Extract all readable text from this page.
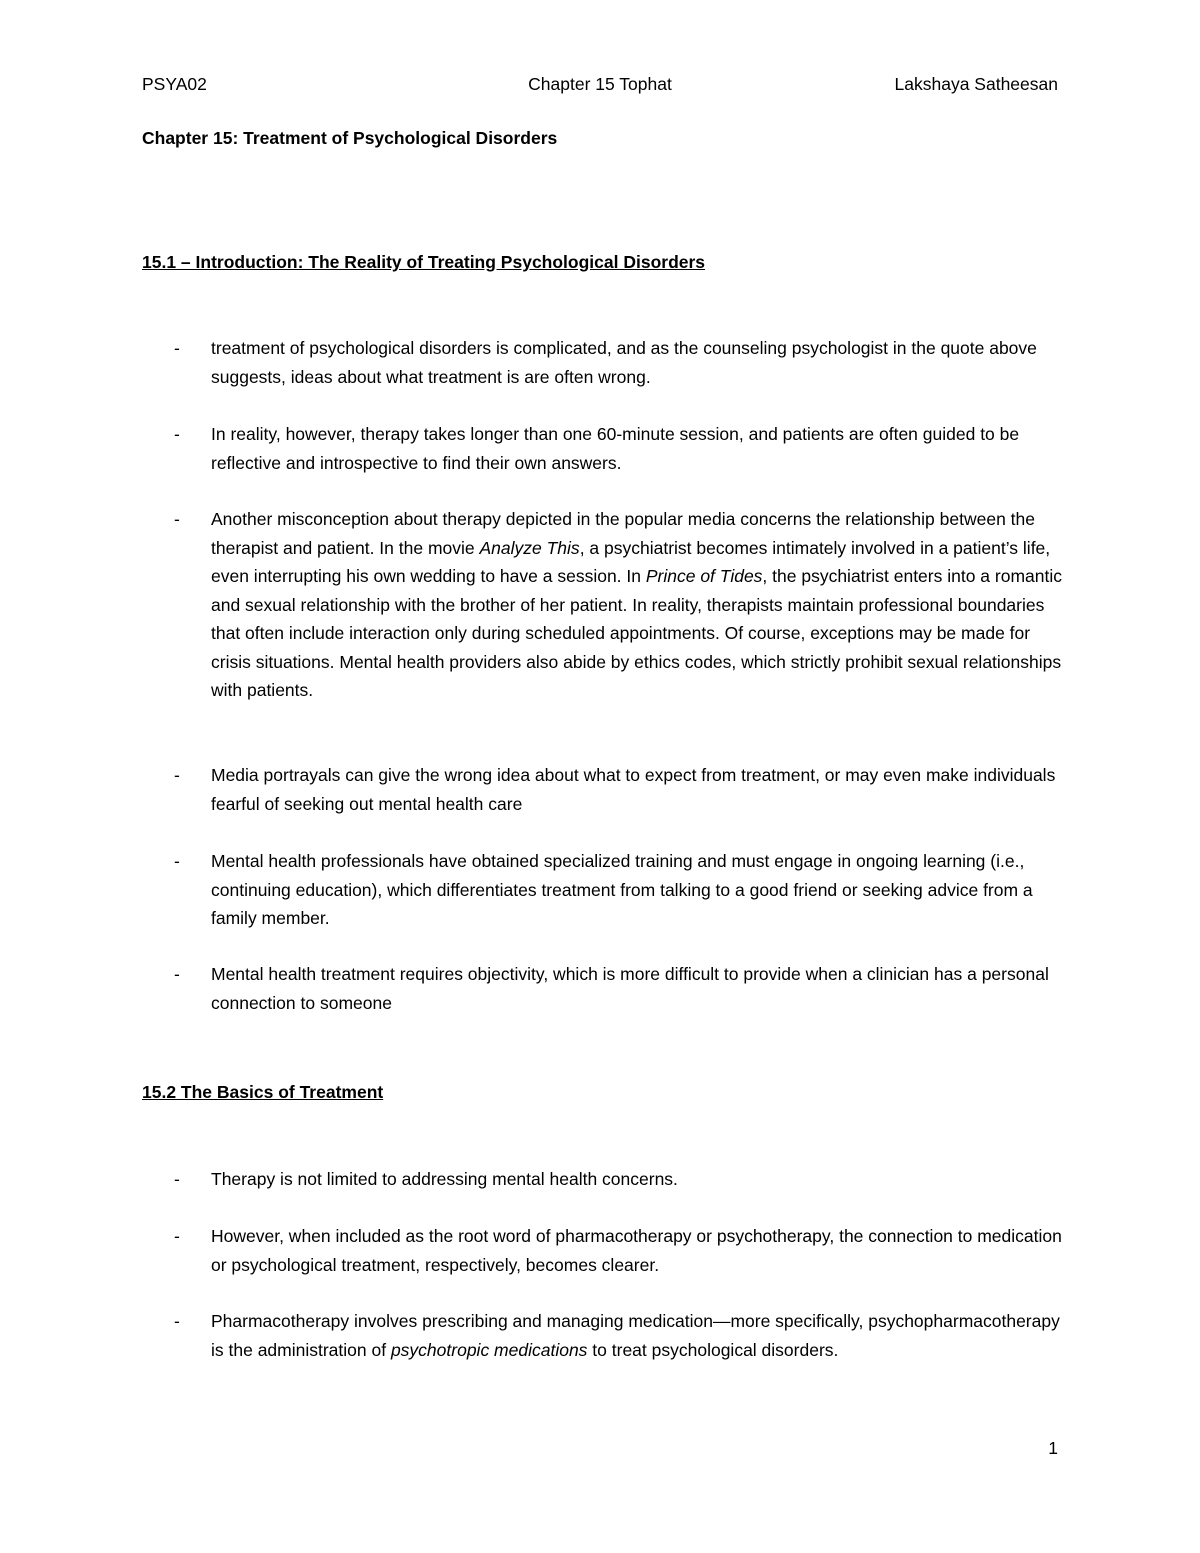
PSYA02	Chapter 15 Tophat	Lakshaya Satheesan
Chapter 15: Treatment of Psychological Disorders
15.1 – Introduction: The Reality of Treating Psychological Disorders
-	treatment of psychological disorders is complicated, and as the counseling psychologist in the quote above suggests, ideas about what treatment is are often wrong.
-	In reality, however, therapy takes longer than one 60-minute session, and patients are often guided to be reflective and introspective to find their own answers.
-	Another misconception about therapy depicted in the popular media concerns the relationship between the therapist and patient. In the movie Analyze This, a psychiatrist becomes intimately involved in a patient’s life, even interrupting his own wedding to have a session. In Prince of Tides, the psychiatrist enters into a romantic and sexual relationship with the brother of her patient. In reality, therapists maintain professional boundaries that often include interaction only during scheduled appointments. Of course, exceptions may be made for crisis situations. Mental health providers also abide by ethics codes, which strictly prohibit sexual relationships with patients.
-	Media portrayals can give the wrong idea about what to expect from treatment, or may even make individuals fearful of seeking out mental health care
-	Mental health professionals have obtained specialized training and must engage in ongoing learning (i.e., continuing education), which differentiates treatment from talking to a good friend or seeking advice from a family member.
-	Mental health treatment requires objectivity, which is more difficult to provide when a clinician has a personal connection to someone
15.2 The Basics of Treatment
-	Therapy is not limited to addressing mental health concerns.
-	However, when included as the root word of pharmacotherapy or psychotherapy, the connection to medication or psychological treatment, respectively, becomes clearer.
-	Pharmacotherapy involves prescribing and managing medication—more specifically, psychopharmacotherapy is the administration of psychotropic medications to treat psychological disorders.
1
